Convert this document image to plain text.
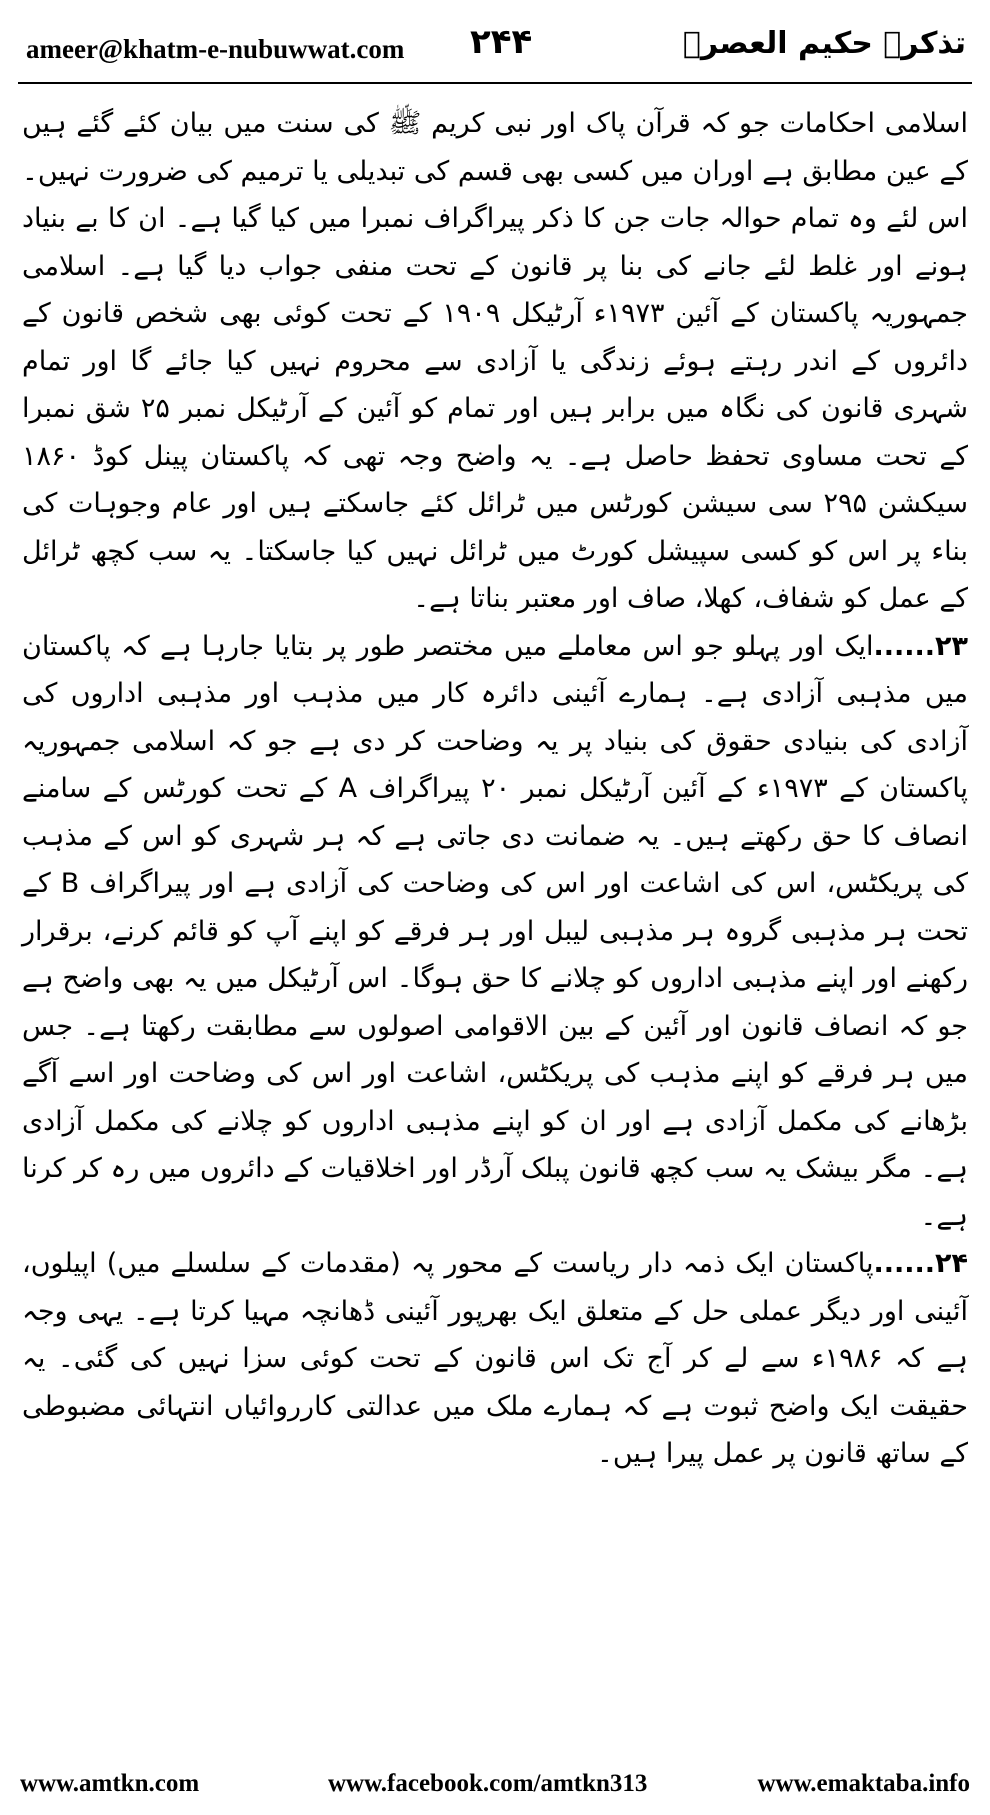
ameer@khatm-e-nubuwwat.com ۲۴۴	تذکرہ حکیم العصرؒ

اسلامی احکامات جو کہ قرآن پاک اور نبی کریم ﷺ کی سنت میں بیان کئے گئے ہیں کے عین مطابق ہے اوران میں کسی بھی قسم کی تبدیلی یا ترمیم کی ضرورت نہیں۔ اس لئے وہ تمام حوالہ جات جن کا ذکر پیراگراف نمبرا میں کیا گیا ہے۔ ان کا بے بنیاد ہونے اور غلط لئے جانے کی بنا پر قانون کے تحت منفی جواب دیا گیا ہے۔ اسلامی جمہوریہ پاکستان کے آئین ۱۹۷۳ء آرٹیکل ۱۹۰۹ کے تحت کوئی بھی شخص قانون کے دائروں کے اندر رہتے ہوئے زندگی یا آزادی سے محروم نہیں کیا جائے گا اور تمام شہری قانون کی نگاہ میں برابر ہیں اور تمام کو آئین کے آرٹیکل نمبر ۲۵ شق نمبرا کے تحت مساوی تحفظ حاصل ہے۔ یہ واضح وجہ تھی کہ پاکستان پینل کوڈ ۱۸۶۰ سیکشن ۲۹۵ سی سیشن کورٹس میں ٹرائل کئے جاسکتے ہیں اور عام وجوہات کی بناء پر اس کو کسی سپیشل کورٹ میں ٹرائل نہیں کیا جاسکتا۔ یہ سب کچھ ٹرائل کے عمل کو شفاف، کھلا، صاف اور معتبر بناتا ہے۔

۲۳......ایک اور پہلو جو اس معاملے میں مختصر طور پر بتایا جارہا ہے کہ پاکستان میں مذہبی آزادی ہے۔ ہمارے آئینی دائرہ کار میں مذہب اور مذہبی اداروں کی آزادی کی بنیادی حقوق کی بنیاد پر یہ وضاحت کر دی ہے جو کہ اسلامی جمہوریہ پاکستان کے ۱۹۷۳ء کے آئین آرٹیکل نمبر ۲۰ پیراگراف A کے تحت کورٹس کے سامنے انصاف کا حق رکھتے ہیں۔ یہ ضمانت دی جاتی ہے کہ ہر شہری کو اس کے مذہب کی پریکٹس، اس کی اشاعت اور اس کی وضاحت کی آزادی ہے اور پیراگراف B کے تحت ہر مذہبی گروہ ہر مذہبی لیبل اور ہر فرقے کو اپنے آپ کو قائم کرنے، برقرار رکھنے اور اپنے مذہبی اداروں کو چلانے کا حق ہوگا۔ اس آرٹیکل میں یہ بھی واضح ہے جو کہ انصاف قانون اور آئین کے بین الاقوامی اصولوں سے مطابقت رکھتا ہے۔ جس میں ہر فرقے کو اپنے مذہب کی پریکٹس، اشاعت اور اس کی وضاحت اور اسے آگے بڑھانے کی مکمل آزادی ہے اور ان کو اپنے مذہبی اداروں کو چلانے کی مکمل آزادی ہے۔ مگر بیشک یہ سب کچھ قانون پبلک آرڈر اور اخلاقیات کے دائروں میں رہ کر کرنا ہے۔

۲۴......پاکستان ایک ذمہ دار ریاست کے محور پہ (مقدمات کے سلسلے میں) اپیلوں، آئینی اور دیگر عملی حل کے متعلق ایک بھرپور آئینی ڈھانچہ مہیا کرتا ہے۔ یہی وجہ ہے کہ ۱۹۸۶ء سے لے کر آج تک اس قانون کے تحت کوئی سزا نہیں کی گئی۔ یہ حقیقت ایک واضح ثبوت ہے کہ ہمارے ملک میں عدالتی کارروائیاں انتہائی مضبوطی کے ساتھ قانون پر عمل پیرا ہیں۔

www.amtkn.com	www.facebook.com/amtkn313	www.emaktaba.info
